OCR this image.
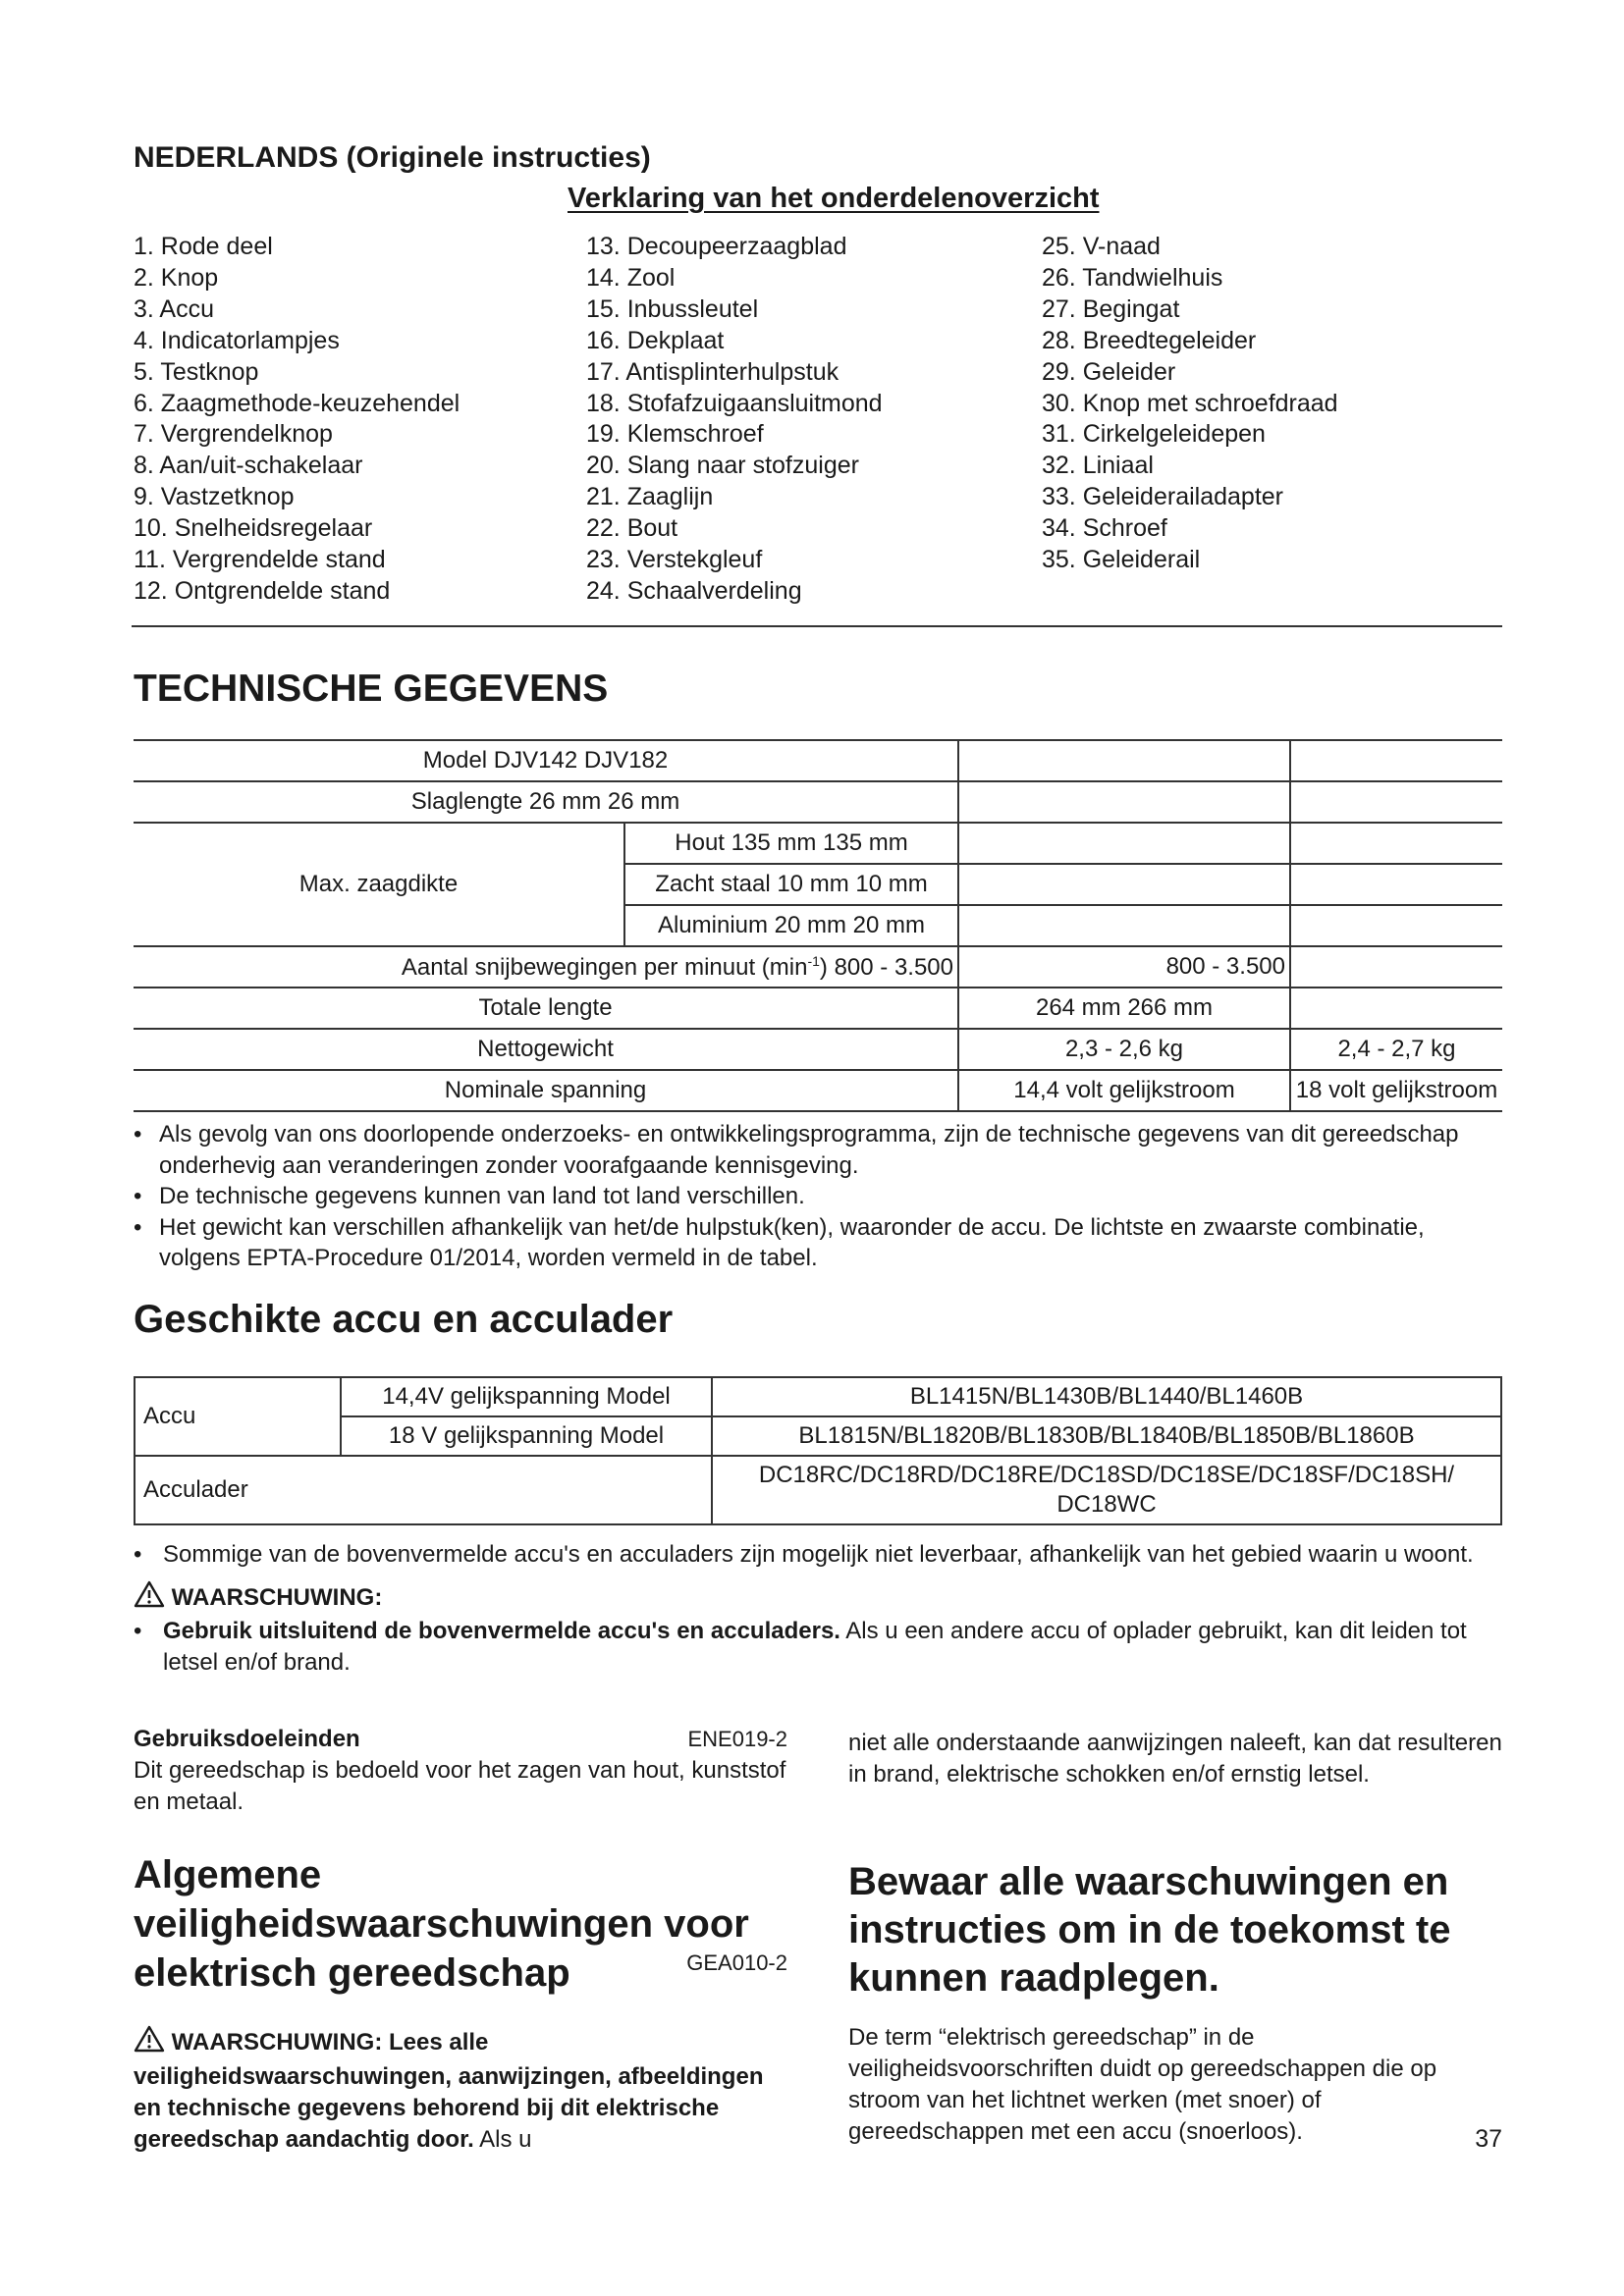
NEDERLANDS (Originele instructies)
Verklaring van het onderdelenoverzicht
1. Rode deel
2. Knop
3. Accu
4. Indicatorlampjes
5. Testknop
6. Zaagmethode-keuzehendel
7. Vergrendelknop
8. Aan/uit-schakelaar
9. Vastzetknop
10. Snelheidsregelaar
11. Vergrendelde stand
12. Ontgrendelde stand
13. Decoupeerzaagblad
14. Zool
15. Inbussleutel
16. Dekplaat
17. Antisplinterhulpstuk
18. Stofafzuigaansluitmond
19. Klemschroef
20. Slang naar stofzuiger
21. Zaaglijn
22. Bout
23. Verstekgleuf
24. Schaalverdeling
25. V-naad
26. Tandwielhuis
27. Begingat
28. Breedtegeleider
29. Geleider
30. Knop met schroefdraad
31. Cirkelgeleidepen
32. Liniaal
33. Geleiderailadapter
34. Schroef
35. Geleiderail
TECHNISCHE GEGEVENS
Model DJV142 DJV182			
Slaglengte 26 mm 26 mm			
Max. zaagdikte	Hout 135 mm 135 mm		
	Zacht staal 10 mm 10 mm		
	Aluminium 20 mm 20 mm		
Aantal snijbewegingen per minuut $(\min^{-1})$ 800 - 3.500		800 - 3.500	
Totale lengte		264 mm 266 mm	
Nettogewicht		2,3 - 2,6 kg	2,4 - 2,7 kg
Nominale spanning		14,4 volt gelijkstroom	18 volt gelijkstroom
• Als gevolg van ons doorlopende onderzoeks- en ontwikkelingsprogramma, zijn de technische gegevens van dit gereedschap onderhevig aan veranderingen zonder voorafgaande kennisgeving.
• De technische gegevens kunnen van land tot land verschillen.
• Het gewicht kan verschillen afhankelijk van het/de hulpstuk(ken), waaronder de accu. De lichtste en zwaarste combinatie, volgens EPTA-Procedure 01/2014, worden vermeld in de tabel.
Geschikte accu en acculader
Accu	14,4V gelijkspanning Model	BL1415N/BL1430B/BL1440/BL1460B
	18 V gelijkspanning Model	BL1815N/BL1820B/BL1830B/BL1840B/BL1850B/BL1860B
Acculader		DC18RC/DC18RD/DC18RE/DC18SD/DC18SE/DC18SF/DC18SH/
DC18WC
• Sommige van de bovenvermelde accu's en acculaders zijn mogelijk niet leverbaar, afhankelijk van het gebied waarin u woont.
WAARSCHUWING:
• Gebruik uitsluitend de bovenvermelde accu's en acculaders. Als u een andere accu of oplader gebruikt, kan dit leiden tot letsel en/of brand.
Gebruiksdoeleinden	ENE019-2
Dit gereedschap is bedoeld voor het zagen van hout, kunststof en metaal.
Algemene
veiligheidswaarschuwingen voor
elektrisch gereedschap	GEA010-2
WAARSCHUWING: Lees alle veiligheidswaarschuwingen, aanwijzingen, afbeeldingen en technische gegevens behorend bij dit elektrische gereedschap aandachtig door. Als u
niet alle onderstaande aanwijzingen naleeft, kan dat resulteren in brand, elektrische schokken en/of ernstig letsel.
Bewaar alle waarschuwingen en instructies om in de toekomst te kunnen raadplegen.
De term “elektrisch gereedschap” in de veiligheidsvoorschriften duidt op gereedschappen die op stroom van het lichtnet werken (met snoer) of gereedschappen met een accu (snoerloos).	37
